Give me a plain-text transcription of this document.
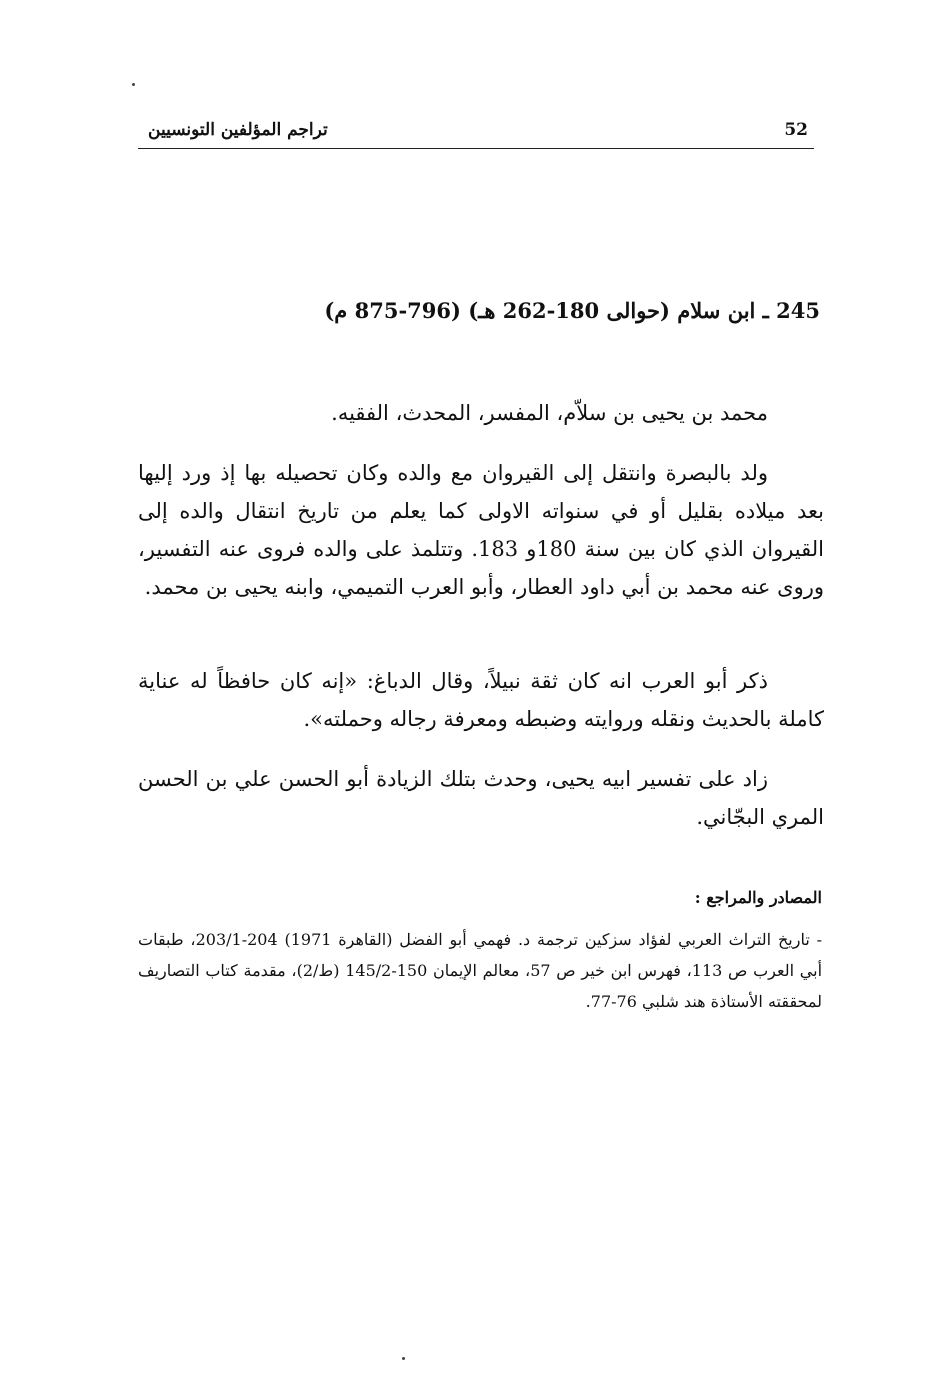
تراجم المؤلفين التونسيين	52
245 ـ ابن سلام (حوالى 180-262 هـ) (796-875 م)

محمد بن يحيى بن سلاّم، المفسر، المحدث، الفقيه.

ولد بالبصرة وانتقل إلى القيروان مع والده وكان تحصيله بها إذ ورد إليها بعد ميلاده بقليل أو في سنواته الاولى كما يعلم من تاريخ انتقال والده إلى القيروان الذي كان بين سنة 180و 183. وتتلمذ على والده فروى عنه التفسير، وروى عنه محمد بن أبي داود العطار، وأبو العرب التميمي، وابنه يحيى بن محمد.

ذكر أبو العرب انه كان ثقة نبيلاً، وقال الدباغ: «إنه كان حافظاً له عناية كاملة بالحديث ونقله وروايته وضبطه ومعرفة رجاله وحملته».

زاد على تفسير ابيه يحيى، وحدث بتلك الزيادة أبو الحسن علي بن الحسن المري البجّاني.

المصادر والمراجع :

- تاريخ التراث العربي لفؤاد سزكين ترجمة د. فهمي أبو الفضل (القاهرة 1971) 204-203/1، طبقات أبي العرب ص 113، فهرس ابن خير ص 57، معالم الإيمان 150-145/2 (ط/2)، مقدمة كتاب التصاريف لمحققته الأستاذة هند شلبي 76-77.
